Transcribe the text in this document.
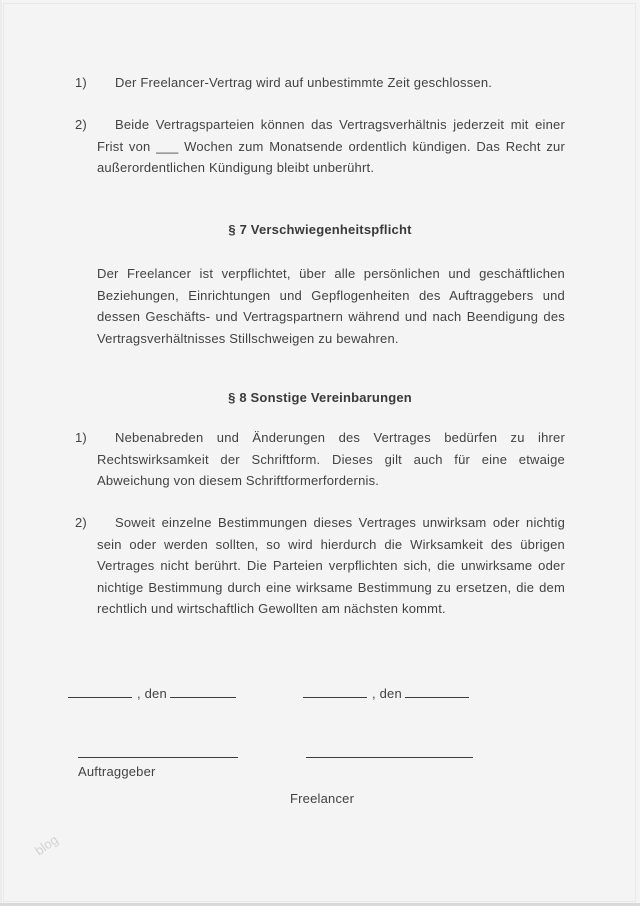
1) Der Freelancer-Vertrag wird auf unbestimmte Zeit geschlossen.
2) Beide Vertragsparteien können das Vertragsverhältnis jederzeit mit einer Frist von ___ Wochen zum Monatsende ordentlich kündigen. Das Recht zur außerordentlichen Kündigung bleibt unberührt.
§ 7 Verschwiegenheitspflicht
Der Freelancer ist verpflichtet, über alle persönlichen und geschäftlichen Beziehungen, Einrichtungen und Gepflogenheiten des Auftraggebers und dessen Geschäfts- und Vertragspartnern während und nach Beendigung des Vertragsverhältnisses Stillschweigen zu bewahren.
§ 8 Sonstige Vereinbarungen
1) Nebenabreden und Änderungen des Vertrages bedürfen zu ihrer Rechtswirksamkeit der Schriftform. Dieses gilt auch für eine etwaige Abweichung von diesem Schriftformerfordernis.
2) Soweit einzelne Bestimmungen dieses Vertrages unwirksam oder nichtig sein oder werden sollten, so wird hierdurch die Wirksamkeit des übrigen Vertrages nicht berührt. Die Parteien verpflichten sich, die unwirksame oder nichtige Bestimmung durch eine wirksame Bestimmung zu ersetzen, die dem rechtlich und wirtschaftlich Gewollten am nächsten kommt.
, den	, den
Auftraggeber
Freelancer
blog
